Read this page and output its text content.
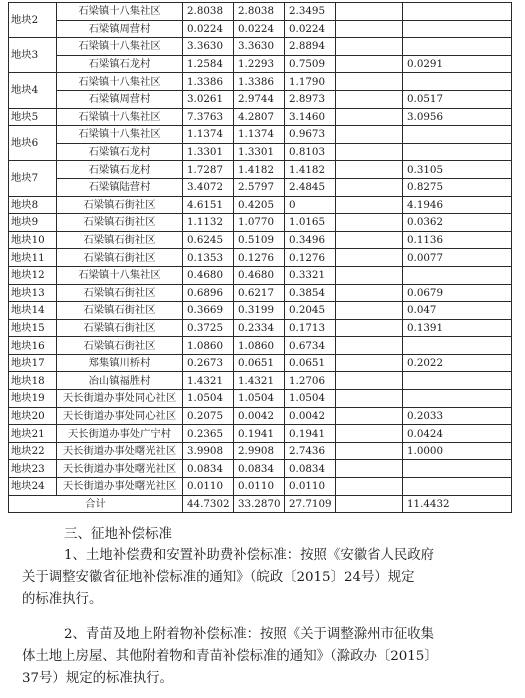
地块2	石梁镇十八集社区	2.8038	2.8038	2.3495		
	石梁镇周营村	0.0224	0.0224	0.0224		
地块3	石梁镇十八集社区	3.3630	3.3630	2.8894		
	石梁镇石龙村	1.2584	1.2293	0.7509		0.0291
地块4	石梁镇十八集社区	1.3386	1.3386	1.1790		
	石梁镇周营村	3.0261	2.9744	2.8973		0.0517
地块5	石梁镇十八集社区	7.3763	4.2807	3.1460		3.0956
地块6	石梁镇十八集社区	1.1374	1.1374	0.9673		
	石梁镇石龙村	1.3301	1.3301	0.8103		
地块7	石梁镇石龙村	1.7287	1.4182	1.4182		0.3105
	石梁镇陆营村	3.4072	2.5797	2.4845		0.8275
地块8	石梁镇石街社区	4.6151	0.4205	0		4.1946
地块9	石梁镇石街社区	1.1132	1.0770	1.0165		0.0362
地块10	石梁镇石街社区	0.6245	0.5109	0.3496		0.1136
地块11	石梁镇石街社区	0.1353	0.1276	0.1276		0.0077
地块12	石梁镇十八集社区	0.4680	0.4680	0.3321		
地块13	石梁镇石街社区	0.6896	0.6217	0.3854		0.0679
地块14	石梁镇石街社区	0.3669	0.3199	0.2045		0.047
地块15	石梁镇石街社区	0.3725	0.2334	0.1713		0.1391
地块16	石梁镇石街社区	1.0860	1.0860	0.6734		
地块17	郑集镇川桥村	0.2673	0.0651	0.0651		0.2022
地块18	冶山镇福胜村	1.4321	1.4321	1.2706		
地块19	天长街道办事处同心社区	1.0504	1.0504	1.0504		
地块20	天长街道办事处同心社区	0.2075	0.0042	0.0042		0.2033
地块21	天长街道办事处广宁村	0.2365	0.1941	0.1941		0.0424
地块22	天长街道办事处曙光社区	3.9908	2.9908	2.7436		1.0000
地块23	天长街道办事处曙光社区	0.0834	0.0834	0.0834		
地块24	天长街道办事处曙光社区	0.0110	0.0110	0.0110		
合计		44.7302	33.2870	27.7109		11.4432
三、征地补偿标准
1、土地补偿费和安置补助费补偿标准：按照《安徽省人民政府
关于调整安徽省征地补偿标准的通知》（皖政〔2015〕24号）规定
的标准执行。
2、青苗及地上附着物补偿标准：按照《关于调整滁州市征收集
体土地上房屋、其他附着物和青苗补偿标准的通知》（滁政办〔2015〕
37号）规定的标准执行。
